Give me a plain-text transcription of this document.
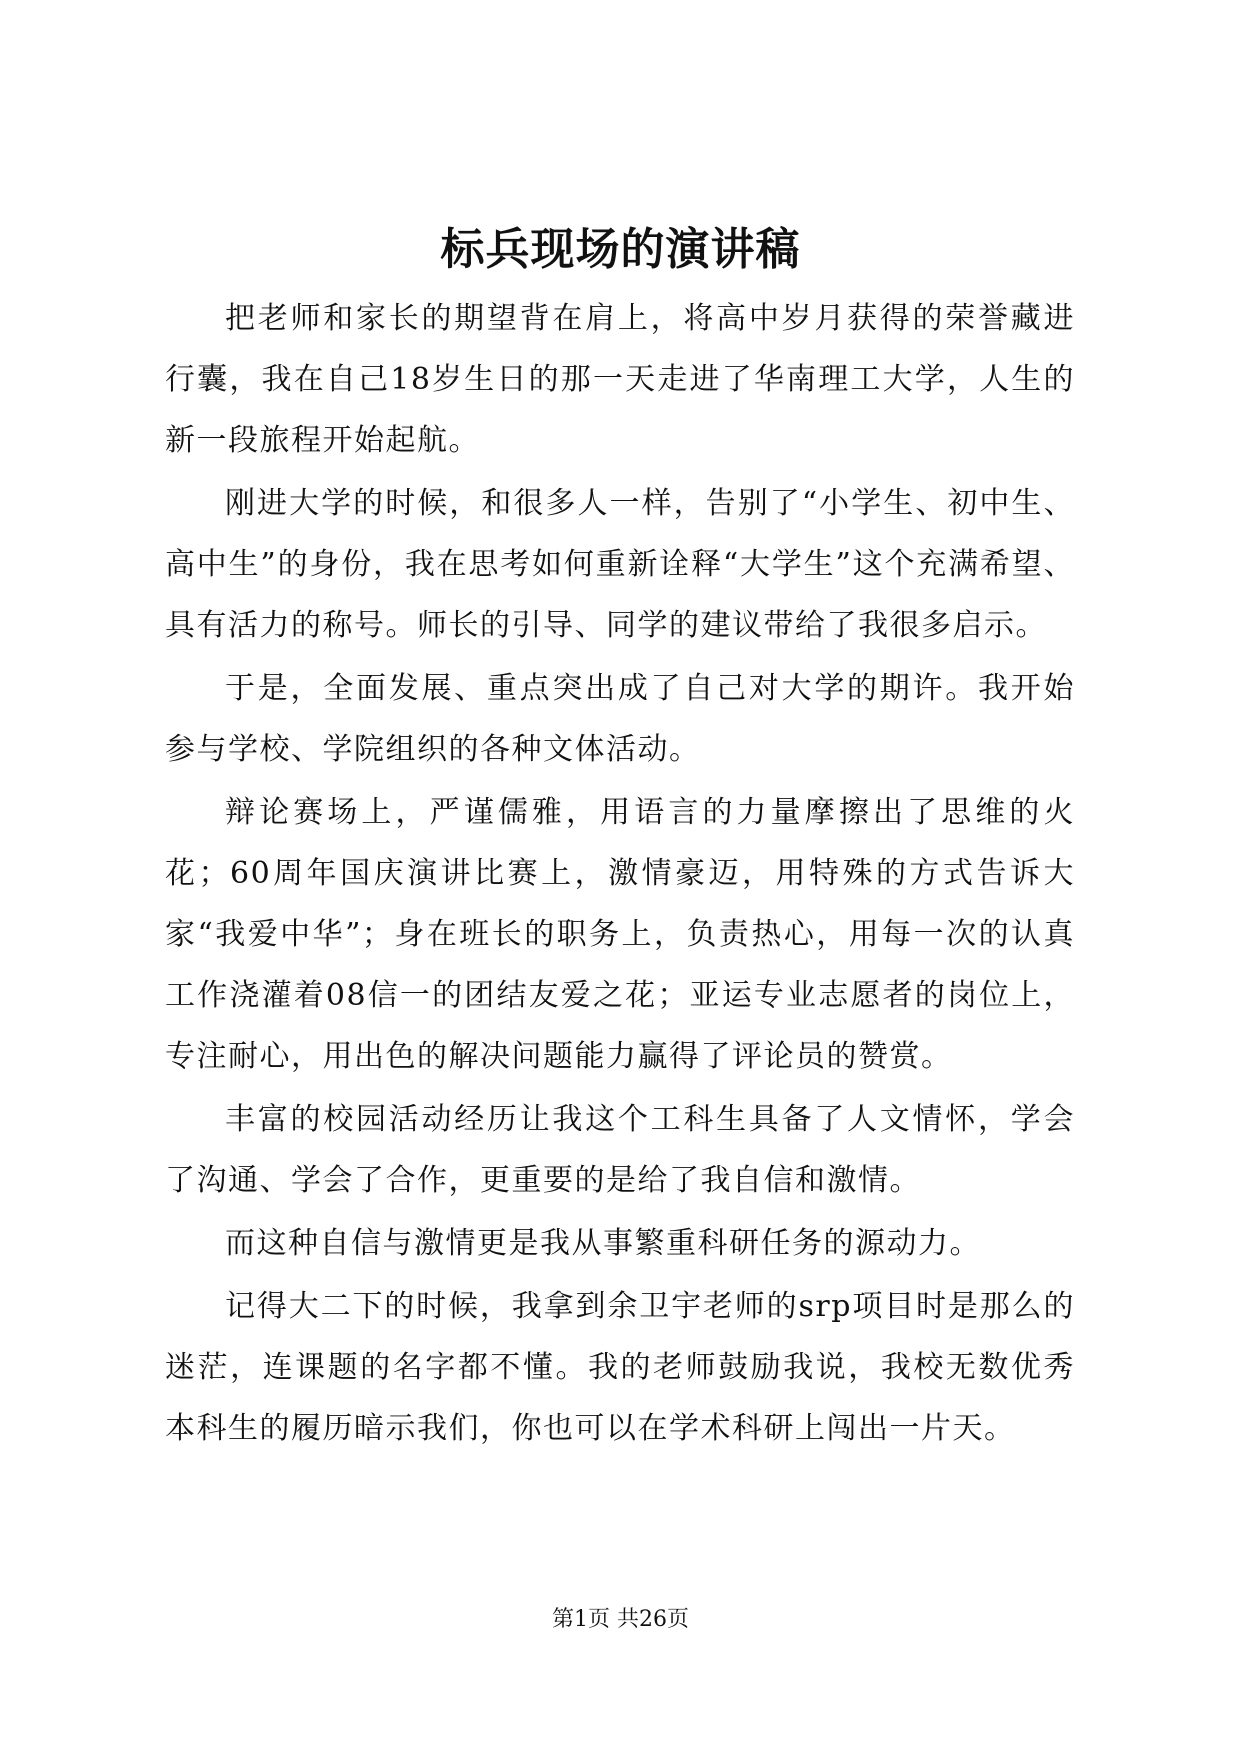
标兵现场的演讲稿

把老师和家长的期望背在肩上，将高中岁月获得的荣誉藏进行囊，我在自己18岁生日的那一天走进了华南理工大学，人生的新一段旅程开始起航。

刚进大学的时候，和很多人一样，告别了“小学生、初中生、高中生”的身份，我在思考如何重新诠释“大学生”这个充满希望、具有活力的称号。师长的引导、同学的建议带给了我很多启示。

于是，全面发展、重点突出成了自己对大学的期许。我开始参与学校、学院组织的各种文体活动。

辩论赛场上，严谨儒雅，用语言的力量摩擦出了思维的火花；60周年国庆演讲比赛上，激情豪迈，用特殊的方式告诉大家“我爱中华”；身在班长的职务上，负责热心，用每一次的认真工作浇灌着08信一的团结友爱之花；亚运专业志愿者的岗位上，专注耐心，用出色的解决问题能力赢得了评论员的赞赏。

丰富的校园活动经历让我这个工科生具备了人文情怀，学会了沟通、学会了合作，更重要的是给了我自信和激情。

而这种自信与激情更是我从事繁重科研任务的源动力。

记得大二下的时候，我拿到余卫宇老师的srp项目时是那么的迷茫，连课题的名字都不懂。我的老师鼓励我说，我校无数优秀本科生的履历暗示我们，你也可以在学术科研上闯出一片天。

第1页 共26页
